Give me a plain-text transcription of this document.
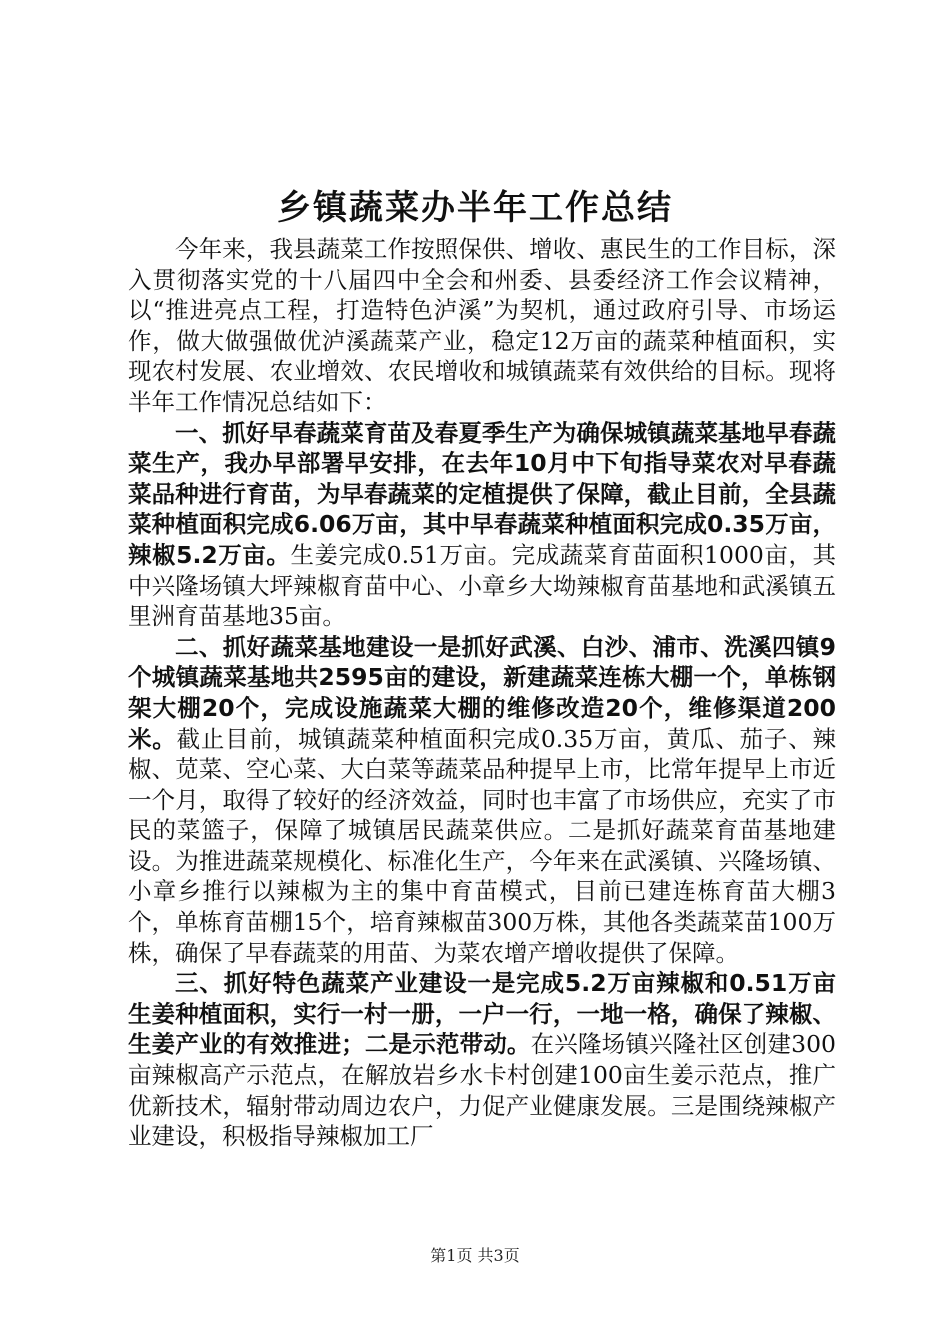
乡镇蔬菜办半年工作总结

今年来，我县蔬菜工作按照保供、增收、惠民生的工作目标，深入贯彻落实党的十八届四中全会和州委、县委经济工作会议精神，以“推进亮点工程，打造特色泸溪”为契机，通过政府引导、市场运作，做大做强做优泸溪蔬菜产业，稳定12万亩的蔬菜种植面积，实现农村发展、农业增效、农民增收和城镇蔬菜有效供给的目标。现将半年工作情况总结如下：

一、抓好早春蔬菜育苗及春夏季生产为确保城镇蔬菜基地早春蔬菜生产，我办早部署早安排，在去年10月中下旬指导菜农对早春蔬菜品种进行育苗，为早春蔬菜的定植提供了保障，截止目前，全县蔬菜种植面积完成6.06万亩，其中早春蔬菜种植面积完成0.35万亩，辣椒5.2万亩。生姜完成0.51万亩。完成蔬菜育苗面积1000亩，其中兴隆场镇大坪辣椒育苗中心、小章乡大坳辣椒育苗基地和武溪镇五里洲育苗基地35亩。

二、抓好蔬菜基地建设一是抓好武溪、白沙、浦市、洗溪四镇9个城镇蔬菜基地共2595亩的建设，新建蔬菜连栋大棚一个，单栋钢架大棚20个，完成设施蔬菜大棚的维修改造20个，维修渠道200米。截止目前，城镇蔬菜种植面积完成0.35万亩，黄瓜、茄子、辣椒、苋菜、空心菜、大白菜等蔬菜品种提早上市，比常年提早上市近一个月，取得了较好的经济效益，同时也丰富了市场供应，充实了市民的菜篮子，保障了城镇居民蔬菜供应。二是抓好蔬菜育苗基地建设。为推进蔬菜规模化、标准化生产，今年来在武溪镇、兴隆场镇、小章乡推行以辣椒为主的集中育苗模式，目前已建连栋育苗大棚3个，单栋育苗棚15个，培育辣椒苗300万株，其他各类蔬菜苗100万株，确保了早春蔬菜的用苗、为菜农增产增收提供了保障。

三、抓好特色蔬菜产业建设一是完成5.2万亩辣椒和0.51万亩生姜种植面积，实行一村一册，一户一行，一地一格，确保了辣椒、生姜产业的有效推进；二是示范带动。在兴隆场镇兴隆社区创建300亩辣椒高产示范点，在解放岩乡水卡村创建100亩生姜示范点，推广优新技术，辐射带动周边农户，力促产业健康发展。三是围绕辣椒产业建设，积极指导辣椒加工厂

第1页 共3页
